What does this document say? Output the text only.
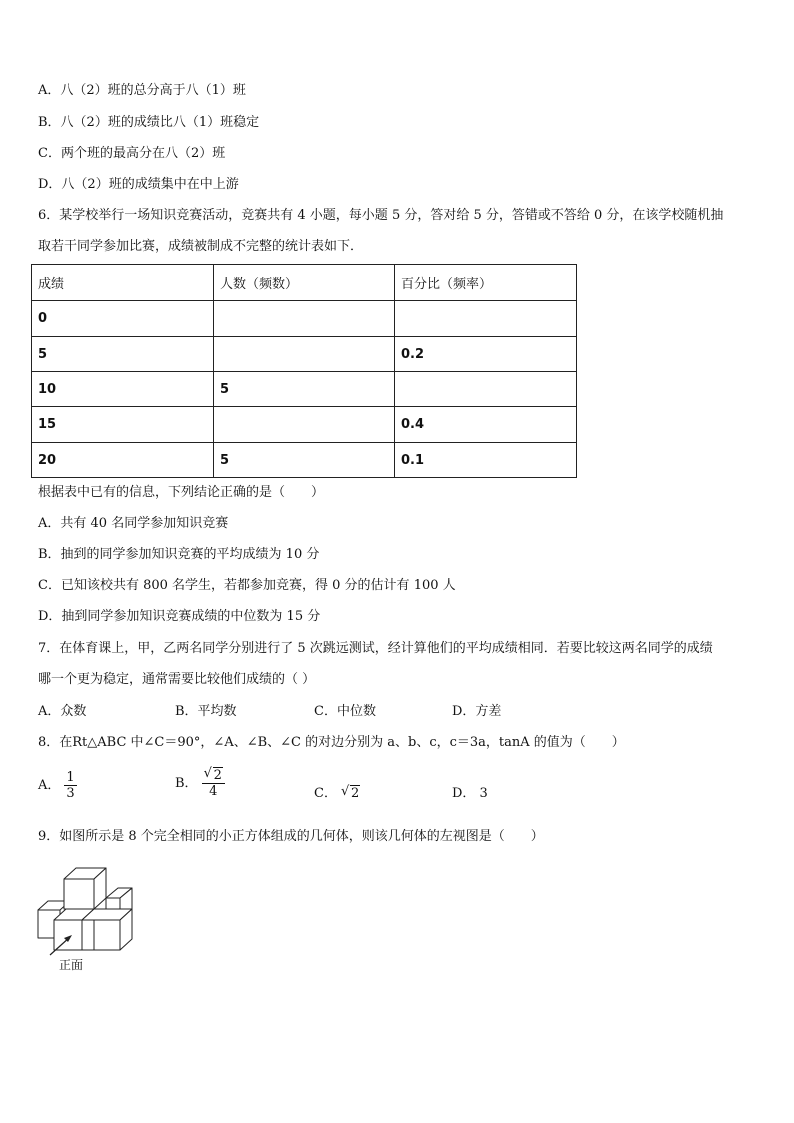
A．八（2）班的总分高于八（1）班
B．八（2）班的成绩比八（1）班稳定
C．两个班的最高分在八（2）班
D．八（2）班的成绩集中在中上游
6．某学校举行一场知识竞赛活动，竞赛共有 4 小题，每小题 5 分，答对给 5 分，答错或不答给 0 分，在该学校随机抽
取若干同学参加比赛，成绩被制成不完整的统计表如下．
成绩	人数（频数）	百分比（频率）
0		
5		0.2
10	5	
15		0.4
20	5	0.1
根据表中已有的信息，下列结论正确的是（　　）
A．共有 40 名同学参加知识竞赛
B．抽到的同学参加知识竞赛的平均成绩为 10 分
C．已知该校共有 800 名学生，若都参加竞赛，得 0 分的估计有 100 人
D．抽到同学参加知识竞赛成绩的中位数为 15 分
7．在体育课上，甲，乙两名同学分别进行了 5 次跳远测试，经计算他们的平均成绩相同．若要比较这两名同学的成绩
哪一个更为稳定，通常需要比较他们成绩的（ ）
A．众数	B．平均数	C．中位数	D．方差
8．在Rt△ABC 中∠C＝90°，∠A、∠B、∠C 的对边分别为 a、b、c，c＝3a，tanA 的值为（　　）
A． $\frac{1}{3}$	B． √ $\frac{2}{4}$	C． √ 2	D． 3
9．如图所示是 8 个完全相同的小正方体组成的几何体，则该几何体的左视图是（　　）
正面
